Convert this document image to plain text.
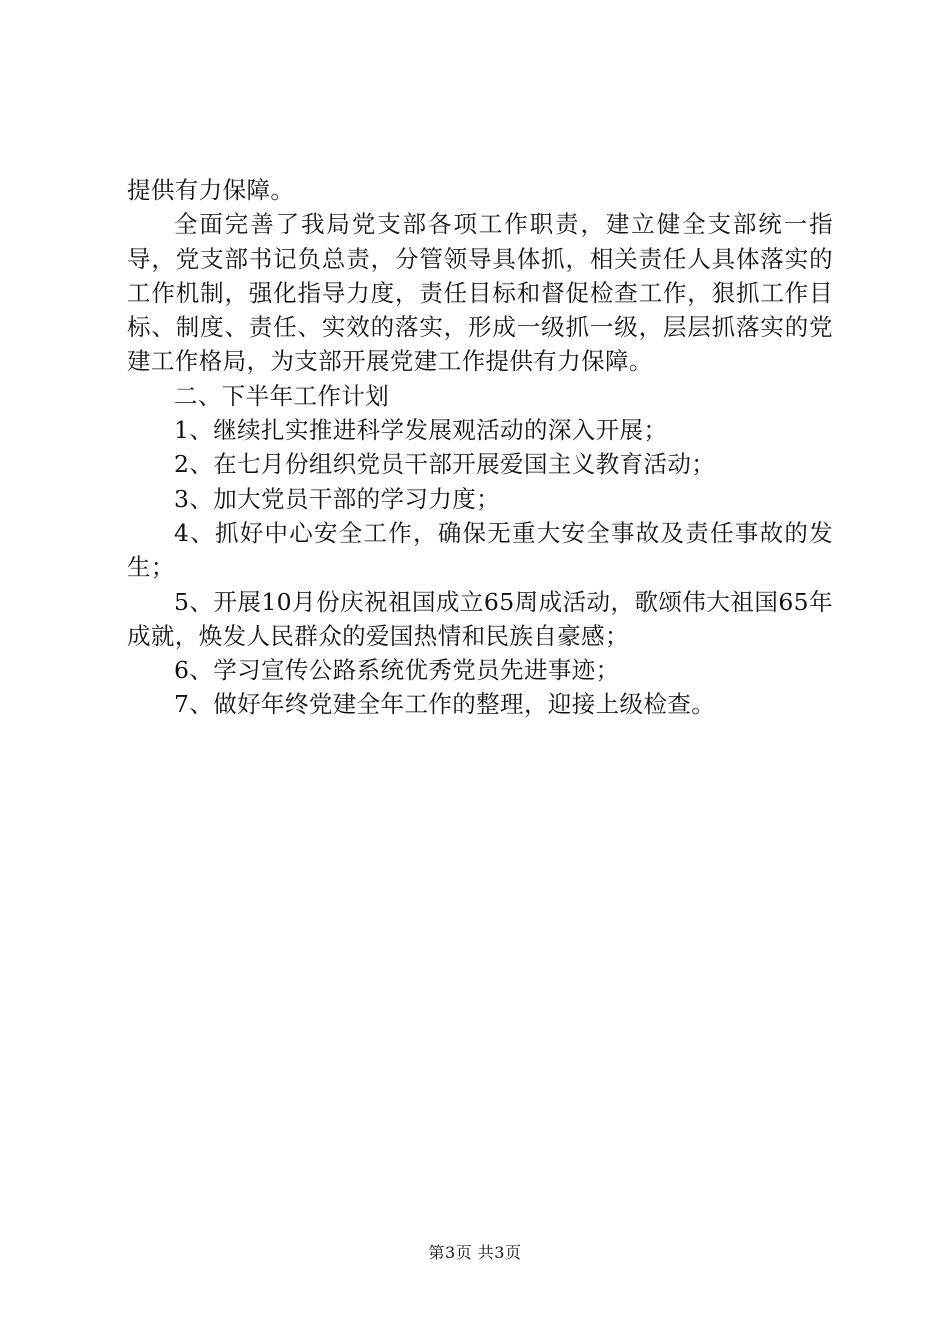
提供有力保障。

全面完善了我局党支部各项工作职责，建立健全支部统一指导，党支部书记负总责，分管领导具体抓，相关责任人具体落实的工作机制，强化指导力度，责任目标和督促检查工作，狠抓工作目标、制度、责任、实效的落实，形成一级抓一级，层层抓落实的党建工作格局，为支部开展党建工作提供有力保障。

二、下半年工作计划

1、继续扎实推进科学发展观活动的深入开展；

2、在七月份组织党员干部开展爱国主义教育活动；

3、加大党员干部的学习力度；

4、抓好中心安全工作，确保无重大安全事故及责任事故的发生；

5、开展10月份庆祝祖国成立65周成活动，歌颂伟大祖国65年成就，焕发人民群众的爱国热情和民族自豪感；

6、学习宣传公路系统优秀党员先进事迹；

7、做好年终党建全年工作的整理，迎接上级检查。

第3页 共3页
